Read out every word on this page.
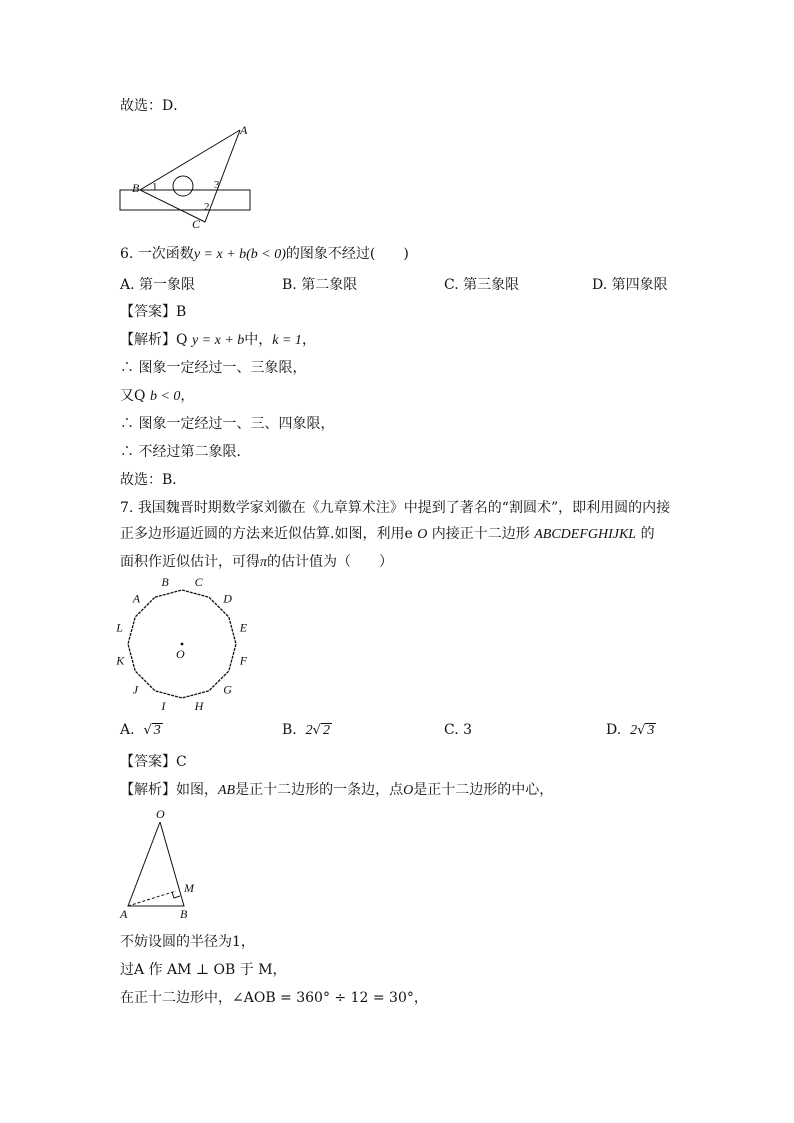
故选：D．
A
B
C
1
2
3
6. 一次函数y = x + b(b < 0)的图象不经过(　　)
A. 第一象限	B. 第二象限	C. 第三象限	D. 第四象限
【答案】B
【解析】Q y = x + b中，k = 1，
∴ 图象一定经过一、三象限，
又Q b < 0，
∴ 图象一定经过一、三、四象限，
∴ 不经过第二象限．
故选：B．
7. 我国魏晋时期数学家刘徽在《九章算术注》中提到了著名的“割圆术”，即利用圆的内接
正多边形逼近圆的方法来近似估算.如图，利用e O 内接正十二边形 ABCDEFGHIJKL 的
面积作近似估计，可得π的估计值为（　　）
O
A
B C
D
E
F
G
H
I
J
K
L
A. √ 3	B. 2√ 2	C. 3	D. 2√ 3
【答案】C
【解析】如图，AB是正十二边形的一条边，点O是正十二边形的中心，
O
A	B
M
不妨设圆的半径为1，
过A 作 AM ⊥ OB 于 M，
在正十二边形中，∠AOB = 360° ÷ 12 = 30°，
